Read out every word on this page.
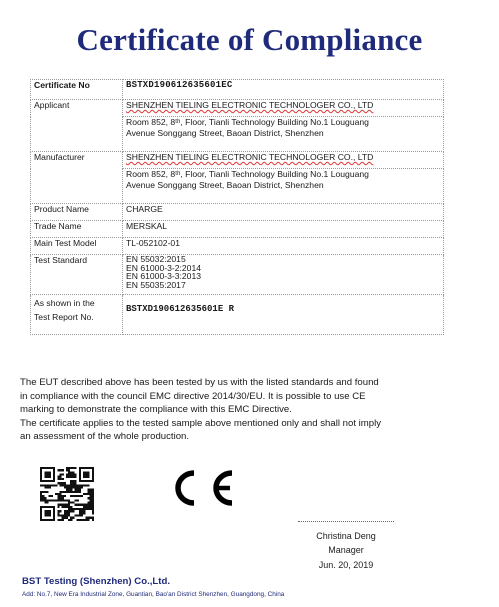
Certificate of Compliance
Certificate No	BSTXD190612635601EC
Applicant	SHENZHEN TIELING ELECTRONIC TECHNOLOGER CO., LTD

	Room 852, 8ᵗʰ, Floor, Tianli Technology Building No.1 Louguang
Avenue Songgang Street, Baoan District, Shenzhen

Manufacturer	SHENZHEN TIELING ELECTRONIC TECHNOLOGER CO., LTD

	Room 852, 8ᵗʰ, Floor, Tianli Technology Building No.1 Louguang
Avenue Songgang Street, Baoan District, Shenzhen

Product Name	CHARGE
Trade Name	MERSKAL
Main Test Model	TL-052102-01
Test Standard	EN 55032:2015
EN 61000-3-2:2014
EN 61000-3-3:2013
EN 55035:2017

As shown in the
Test Report No.	BSTXD190612635601E R
The EUT described above has been tested by us with the listed standards and found
in compliance with the council EMC directive 2014/30/EU. It is possible to use CE
marking to demonstrate the compliance with this EMC Directive.
The certificate applies to the tested sample above mentioned only and shall not imply
an assessment of the whole production.
Christina Deng
Manager
Jun. 20, 2019
BST Testing (Shenzhen) Co.,Ltd.
Add: No.7, New Era Industrial Zone, Guantian, Bao'an District Shenzhen, Guangdong, China
